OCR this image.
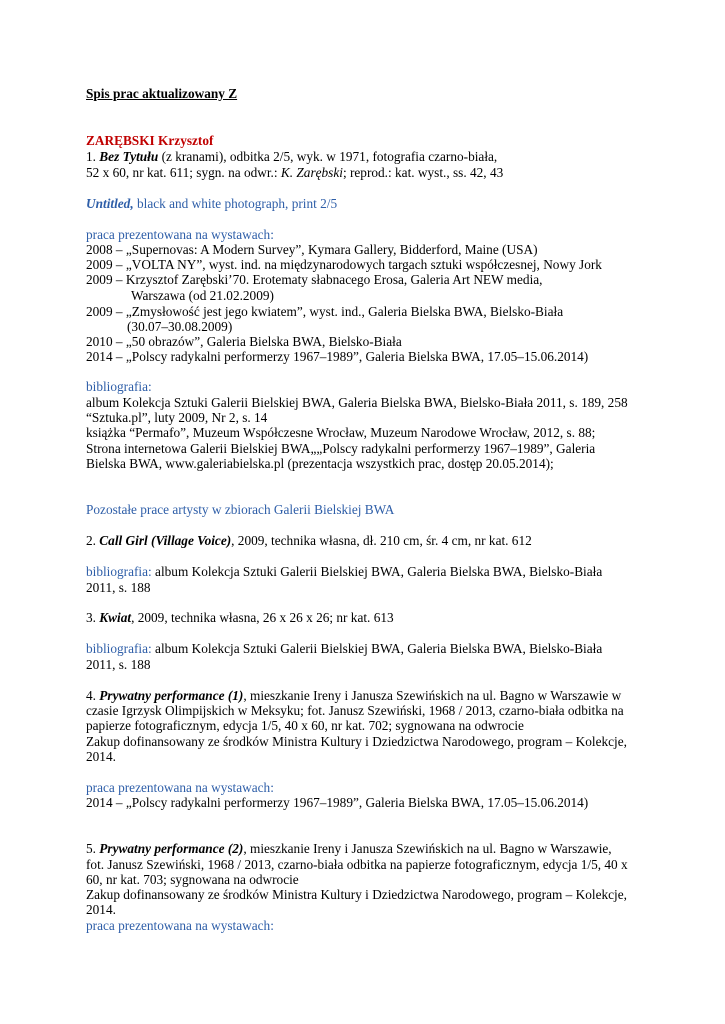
Spis prac aktualizowany Z
ZARĘBSKI Krzysztof
1. Bez Tytułu (z kranami), odbitka 2/5, wyk. w 1971, fotografia czarno-biała,
52 x 60, nr kat. 611; sygn. na odwr.: K. Zarębski; reprod.: kat. wyst., ss. 42, 43
Untitled, black and white photograph, print 2/5
praca prezentowana na wystawach:
2008 – „Supernovas: A Modern Survey”, Kymara Gallery, Bidderford, Maine (USA)
2009 – „VOLTA NY”, wyst. ind. na międzynarodowych targach sztuki współczesnej, Nowy Jork
2009 – Krzysztof Zarębski’70. Erotematy słabnacego Erosa, Galeria Art NEW media,
Warszawa (od 21.02.2009)
2009 – „Zmysłowość jest jego kwiatem”, wyst. ind., Galeria Bielska BWA, Bielsko-Biała
(30.07–30.08.2009)
2010 – „50 obrazów”, Galeria Bielska BWA, Bielsko-Biała
2014 – „Polscy radykalni performerzy 1967–1989”, Galeria Bielska BWA, 17.05–15.06.2014)
bibliografia:
album Kolekcja Sztuki Galerii Bielskiej BWA, Galeria Bielska BWA, Bielsko-Biała 2011, s. 189, 258
“Sztuka.pl”, luty 2009, Nr 2, s. 14
książka “Permafo”, Muzeum Współczesne Wrocław, Muzeum Narodowe Wrocław, 2012, s. 88;
Strona internetowa Galerii Bielskiej BWA„„Polscy radykalni performerzy 1967–1989”, Galeria
Bielska BWA, www.galeriabielska.pl (prezentacja wszystkich prac, dostęp 20.05.2014);
Pozostałe prace artysty w zbiorach Galerii Bielskiej BWA
2. Call Girl (Village Voice), 2009, technika własna, dł. 210 cm, śr. 4 cm, nr kat. 612
bibliografia: album Kolekcja Sztuki Galerii Bielskiej BWA, Galeria Bielska BWA, Bielsko-Biała
2011, s. 188
3. Kwiat, 2009, technika własna, 26 x 26 x 26; nr kat. 613
bibliografia: album Kolekcja Sztuki Galerii Bielskiej BWA, Galeria Bielska BWA, Bielsko-Biała
2011, s. 188
4. Prywatny performance (1), mieszkanie Ireny i Janusza Szewińskich na ul. Bagno w Warszawie w
czasie Igrzysk Olimpijskich w Meksyku; fot. Janusz Szewiński, 1968 / 2013, czarno-biała odbitka na
papierze fotograficznym, edycja 1/5, 40 x 60, nr kat. 702; sygnowana na odwrocie
Zakup dofinansowany ze środków Ministra Kultury i Dziedzictwa Narodowego, program – Kolekcje,
2014.
praca prezentowana na wystawach:
2014 – „Polscy radykalni performerzy 1967–1989”, Galeria Bielska BWA, 17.05–15.06.2014)
5. Prywatny performance (2), mieszkanie Ireny i Janusza Szewińskich na ul. Bagno w Warszawie,
fot. Janusz Szewiński, 1968 / 2013, czarno-biała odbitka na papierze fotograficznym, edycja 1/5, 40 x
60, nr kat. 703; sygnowana na odwrocie
Zakup dofinansowany ze środków Ministra Kultury i Dziedzictwa Narodowego, program – Kolekcje,
2014.
praca prezentowana na wystawach:
